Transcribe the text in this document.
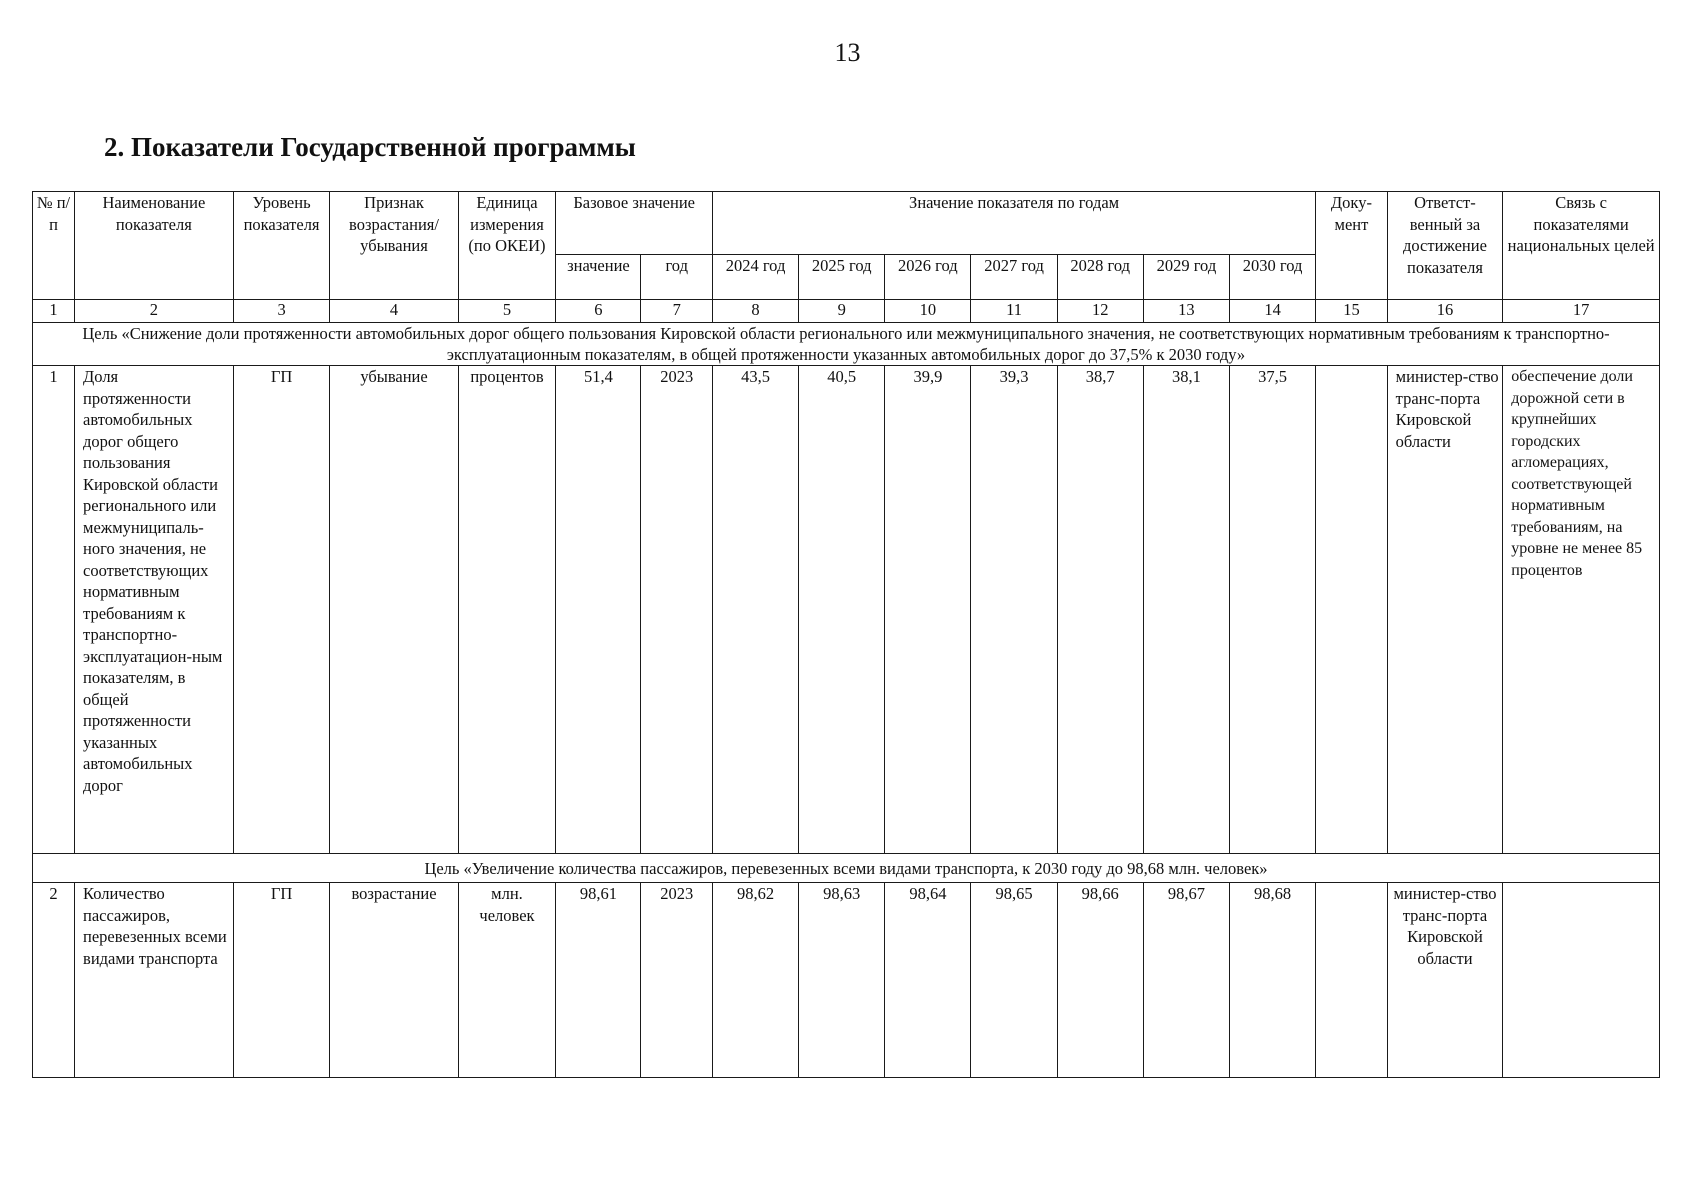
13
2. Показатели Государственной программы
№ п/п	Наименование показателя	Уровень показателя	Признак возрастания/ убывания	Единица измерения (по ОКЕИ)	Базовое значение		Значение показателя по годам							Доку-мент	Ответст-венный за достижение показателя	Связь с показателями национальных целей
					значение	год	2024 год	2025 год	2026 год	2027 год	2028 год	2029 год	2030 год			
1	2	3	4	5	6	7	8	9	10	11	12	13	14	15	16	17
Цель «Снижение доли протяженности автомобильных дорог общего пользования Кировской области регионального или межмуниципального значения, не соответствующих нормативным требованиям к транспортно-эксплуатационным показателям, в общей протяженности указанных автомобильных дорог до 37,5% к 2030 году»																
1	Доля протяженности автомобильных дорог общего пользования Кировской области регионального или межмуниципаль-ного значения, не соответствующих нормативным требованиям к транспортно-эксплуатацион-ным показателям, в общей протяженности указанных автомобильных дорог	ГП	убывание	процентов	51,4	2023	43,5	40,5	39,9	39,3	38,7	38,1	37,5		министер-ство транс-порта Кировской области	обеспечение доли дорожной сети в крупнейших городских агломерациях, соответствующей нормативным требованиям, на уровне не менее 85 процентов
Цель «Увеличение количества пассажиров, перевезенных всеми видами транспорта, к 2030 году до 98,68 млн. человек»																
2	Количество пассажиров, перевезенных всеми видами транспорта	ГП	возрастание	млн. человек	98,61	2023	98,62	98,63	98,64	98,65	98,66	98,67	98,68		министер-ство транс-порта Кировской области	
